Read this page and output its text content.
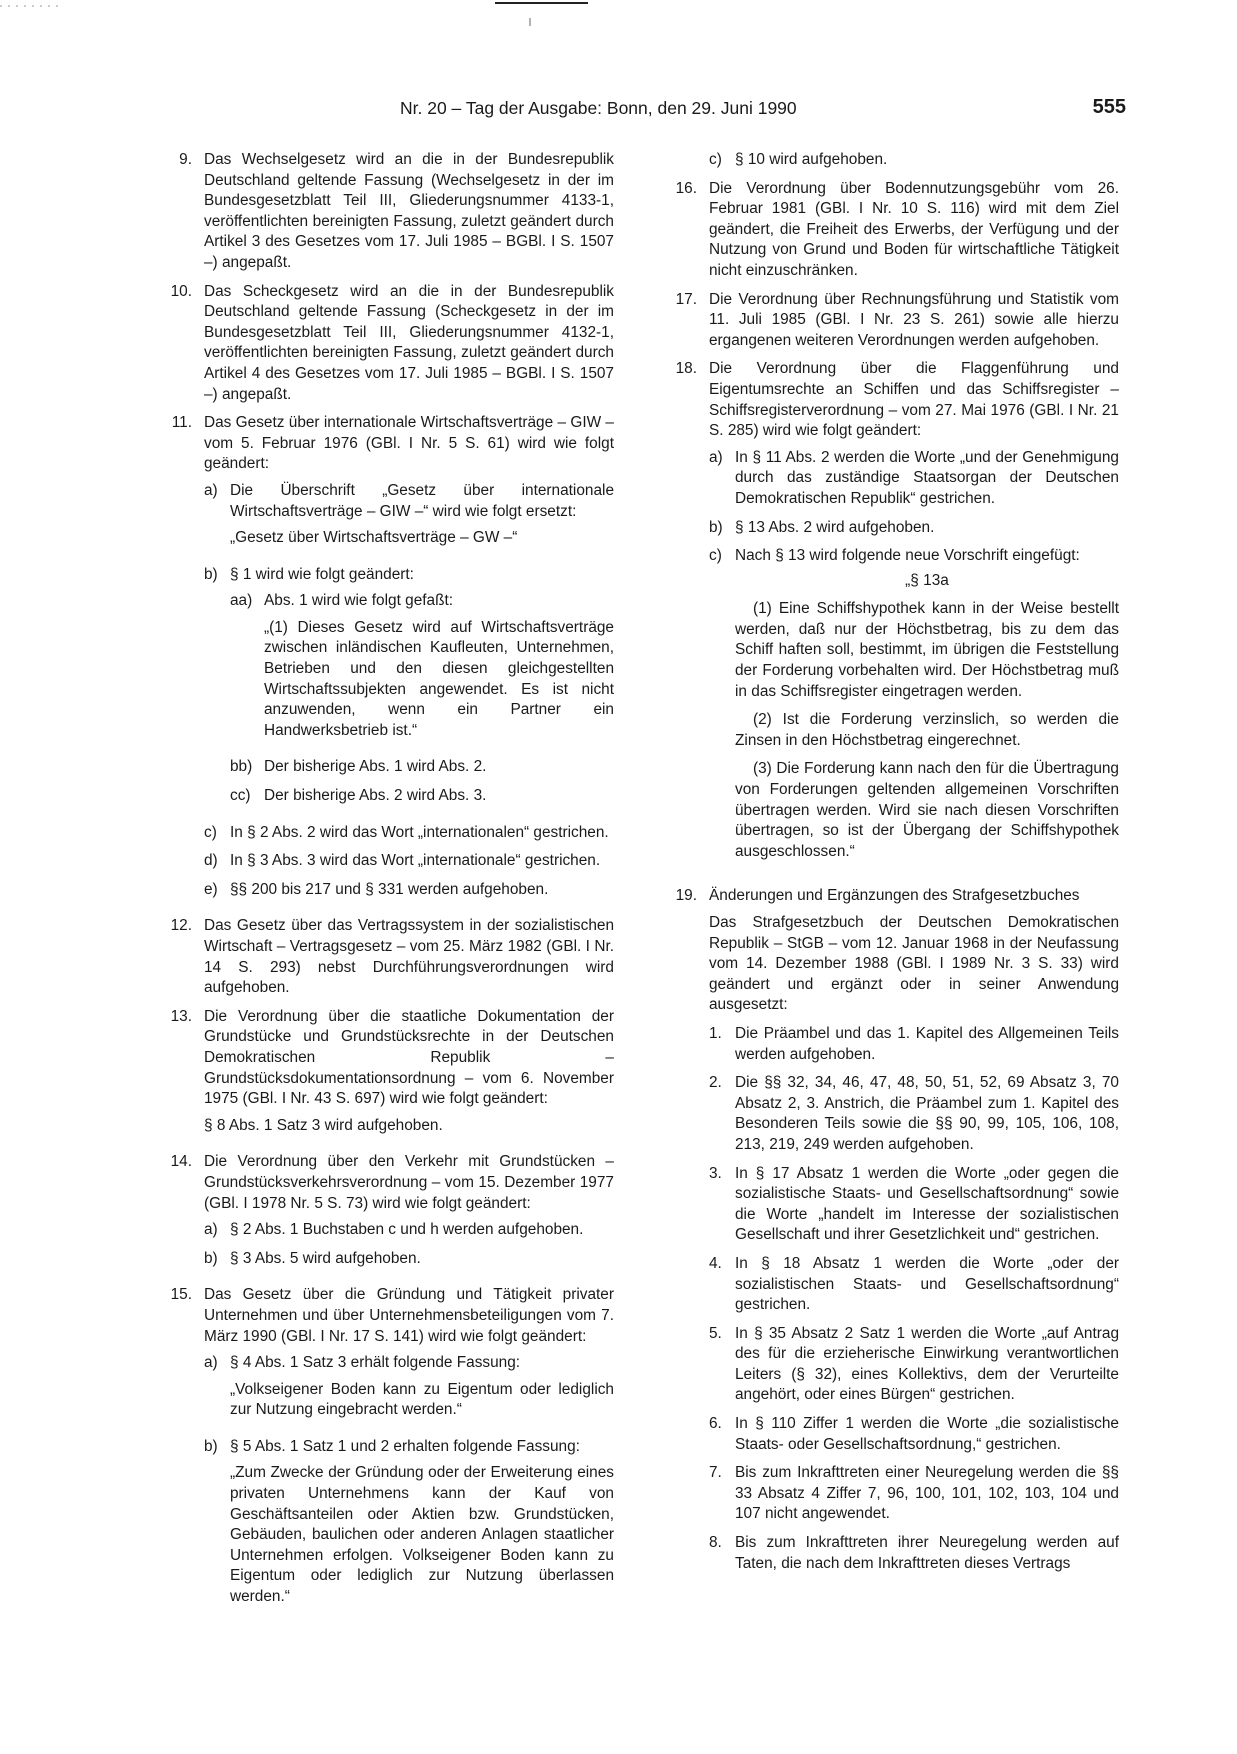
Nr. 20 – Tag der Ausgabe: Bonn, den 29. Juni 1990	555
9. Das Wechselgesetz wird an die in der Bundesrepublik Deutschland geltende Fassung (Wechselgesetz in der im Bundesgesetzblatt Teil III, Gliederungsnummer 4133-1, veröffentlichten bereinigten Fassung, zuletzt geändert durch Artikel 3 des Gesetzes vom 17. Juli 1985 – BGBl. I S. 1507 –) angepaßt.
10. Das Scheckgesetz wird an die in der Bundesrepublik Deutschland geltende Fassung (Scheckgesetz in der im Bundesgesetzblatt Teil III, Gliederungsnummer 4132-1, veröffentlichten bereinigten Fassung, zuletzt geändert durch Artikel 4 des Gesetzes vom 17. Juli 1985 – BGBl. I S. 1507 –) angepaßt.
11. Das Gesetz über internationale Wirtschaftsverträge – GIW – vom 5. Februar 1976 (GBl. I Nr. 5 S. 61) wird wie folgt geändert:
a) Die Überschrift „Gesetz über internationale Wirtschaftsverträge – GIW –“ wird wie folgt ersetzt:
„Gesetz über Wirtschaftsverträge – GW –“
b) § 1 wird wie folgt geändert:
aa) Abs. 1 wird wie folgt gefaßt:
„(1) Dieses Gesetz wird auf Wirtschaftsverträge zwischen inländischen Kaufleuten, Unternehmen, Betrieben und den diesen gleichgestellten Wirtschaftssubjekten angewendet. Es ist nicht anzuwenden, wenn ein Partner ein Handwerksbetrieb ist.“
bb) Der bisherige Abs. 1 wird Abs. 2.
cc) Der bisherige Abs. 2 wird Abs. 3.
c) In § 2 Abs. 2 wird das Wort „internationalen“ gestrichen.
d) In § 3 Abs. 3 wird das Wort „internationale“ gestrichen.
e) §§ 200 bis 217 und § 331 werden aufgehoben.
12. Das Gesetz über das Vertragssystem in der sozialistischen Wirtschaft – Vertragsgesetz – vom 25. März 1982 (GBl. I Nr. 14 S. 293) nebst Durchführungsverordnungen wird aufgehoben.
13. Die Verordnung über die staatliche Dokumentation der Grundstücke und Grundstücksrechte in der Deutschen Demokratischen Republik – Grundstücksdokumentationsordnung – vom 6. November 1975 (GBl. I Nr. 43 S. 697) wird wie folgt geändert:
§ 8 Abs. 1 Satz 3 wird aufgehoben.
14. Die Verordnung über den Verkehr mit Grundstücken – Grundstücksverkehrsverordnung – vom 15. Dezember 1977 (GBl. I 1978 Nr. 5 S. 73) wird wie folgt geändert:
a) § 2 Abs. 1 Buchstaben c und h werden aufgehoben.
b) § 3 Abs. 5 wird aufgehoben.
15. Das Gesetz über die Gründung und Tätigkeit privater Unternehmen und über Unternehmensbeteiligungen vom 7. März 1990 (GBl. I Nr. 17 S. 141) wird wie folgt geändert:
a) § 4 Abs. 1 Satz 3 erhält folgende Fassung:
„Volkseigener Boden kann zu Eigentum oder lediglich zur Nutzung eingebracht werden.“
b) § 5 Abs. 1 Satz 1 und 2 erhalten folgende Fassung:
„Zum Zwecke der Gründung oder der Erweiterung eines privaten Unternehmens kann der Kauf von Geschäftsanteilen oder Aktien bzw. Grundstücken, Gebäuden, baulichen oder anderen Anlagen staatlicher Unternehmen erfolgen. Volkseigener Boden kann zu Eigentum oder lediglich zur Nutzung überlassen werden.“
c) § 10 wird aufgehoben.
16. Die Verordnung über Bodennutzungsgebühr vom 26. Februar 1981 (GBl. I Nr. 10 S. 116) wird mit dem Ziel geändert, die Freiheit des Erwerbs, der Verfügung und der Nutzung von Grund und Boden für wirtschaftliche Tätigkeit nicht einzuschränken.
17. Die Verordnung über Rechnungsführung und Statistik vom 11. Juli 1985 (GBl. I Nr. 23 S. 261) sowie alle hierzu ergangenen weiteren Verordnungen werden aufgehoben.
18. Die Verordnung über die Flaggenführung und Eigentumsrechte an Schiffen und das Schiffsregister – Schiffsregisterverordnung – vom 27. Mai 1976 (GBl. I Nr. 21 S. 285) wird wie folgt geändert:
a) In § 11 Abs. 2 werden die Worte „und der Genehmigung durch das zuständige Staatsorgan der Deutschen Demokratischen Republik“ gestrichen.
b) § 13 Abs. 2 wird aufgehoben.
c) Nach § 13 wird folgende neue Vorschrift eingefügt:
„§ 13a
(1) Eine Schiffshypothek kann in der Weise bestellt werden, daß nur der Höchstbetrag, bis zu dem das Schiff haften soll, bestimmt, im übrigen die Feststellung der Forderung vorbehalten wird. Der Höchstbetrag muß in das Schiffsregister eingetragen werden.
(2) Ist die Forderung verzinslich, so werden die Zinsen in den Höchstbetrag eingerechnet.
(3) Die Forderung kann nach den für die Übertragung von Forderungen geltenden allgemeinen Vorschriften übertragen werden. Wird sie nach diesen Vorschriften übertragen, so ist der Übergang der Schiffshypothek ausgeschlossen.“
19. Änderungen und Ergänzungen des Strafgesetzbuches
Das Strafgesetzbuch der Deutschen Demokratischen Republik – StGB – vom 12. Januar 1968 in der Neufassung vom 14. Dezember 1988 (GBl. I 1989 Nr. 3 S. 33) wird geändert und ergänzt oder in seiner Anwendung ausgesetzt:
1. Die Präambel und das 1. Kapitel des Allgemeinen Teils werden aufgehoben.
2. Die §§ 32, 34, 46, 47, 48, 50, 51, 52, 69 Absatz 3, 70 Absatz 2, 3. Anstrich, die Präambel zum 1. Kapitel des Besonderen Teils sowie die §§ 90, 99, 105, 106, 108, 213, 219, 249 werden aufgehoben.
3. In § 17 Absatz 1 werden die Worte „oder gegen die sozialistische Staats- und Gesellschaftsordnung“ sowie die Worte „handelt im Interesse der sozialistischen Gesellschaft und ihrer Gesetzlichkeit und“ gestrichen.
4. In § 18 Absatz 1 werden die Worte „oder der sozialistischen Staats- und Gesellschaftsordnung“ gestrichen.
5. In § 35 Absatz 2 Satz 1 werden die Worte „auf Antrag des für die erzieherische Einwirkung verantwortlichen Leiters (§ 32), eines Kollektivs, dem der Verurteilte angehört, oder eines Bürgen“ gestrichen.
6. In § 110 Ziffer 1 werden die Worte „die sozialistische Staats- oder Gesellschaftsordnung,“ gestrichen.
7. Bis zum Inkrafttreten einer Neuregelung werden die §§ 33 Absatz 4 Ziffer 7, 96, 100, 101, 102, 103, 104 und 107 nicht angewendet.
8. Bis zum Inkrafttreten ihrer Neuregelung werden auf Taten, die nach dem Inkrafttreten dieses Vertrags
